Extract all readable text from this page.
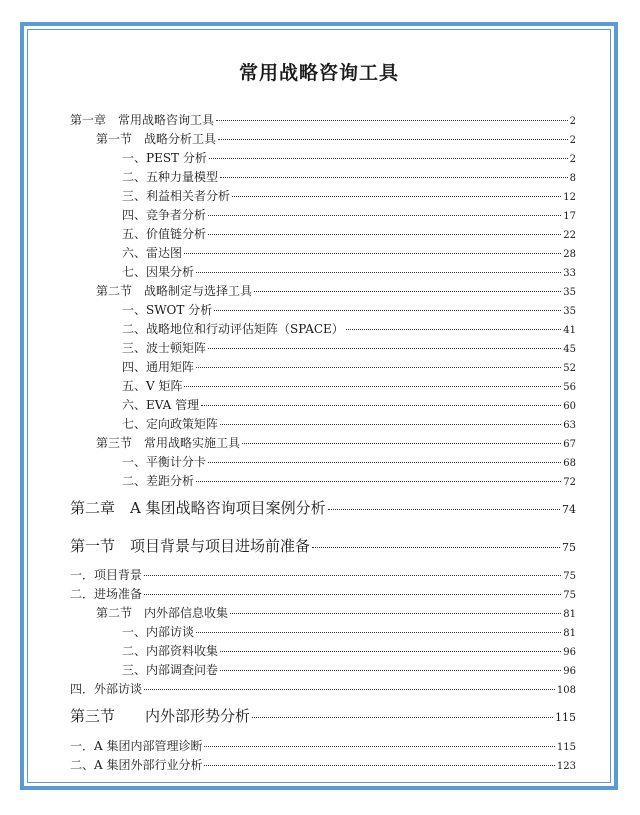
常用战略咨询工具
第一章　常用战略咨询工具	2
第一节　战略分析工具	2
一、PEST 分析	2
二、五种力量模型	8
三、利益相关者分析	12
四、竞争者分析	17
五、价值链分析	22
六、雷达图	28
七、因果分析	33
第二节　战略制定与选择工具	35
一、SWOT 分析	35
二、战略地位和行动评估矩阵（SPACE）	41
三、波士顿矩阵	45
四、通用矩阵	52
五、V 矩阵	56
六、EVA 管理	60
七、定向政策矩阵	63
第三节　常用战略实施工具	67
一、平衡计分卡	68
二、差距分析	72
第二章　A 集团战略咨询项目案例分析	74
第一节　项目背景与项目进场前准备	75
一．项目背景	75
二．进场准备	75
第二节　内外部信息收集	81
一、内部访谈	81
二、内部资料收集	96
三、内部调查问卷	96
四．外部访谈	108
第三节　　内外部形势分析	115
一．A 集团内部管理诊断	115
二、A 集团外部行业分析	123
